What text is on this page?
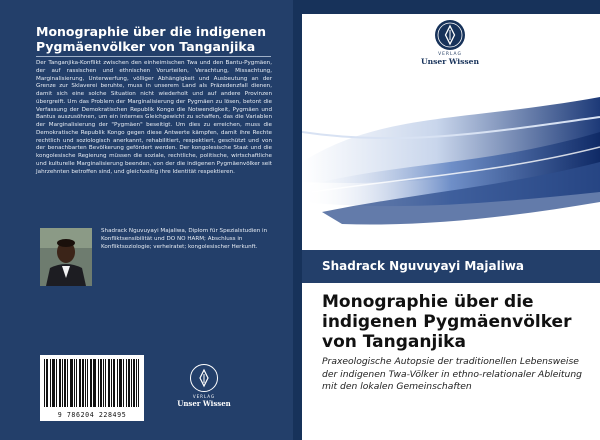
Monographie über die indigenen Pygmäenvölker von Tanganjika

Der Tanganjika-Konflikt zwischen den einheimischen Twa und den Bantu-Pygmäen, der auf rassischen und ethnischen Vorurteilen, Verachtung, Missachtung, Marginalisierung, Unterwerfung, völliger Abhängigkeit und Ausbeutung an der Grenze zur Sklaverei beruhte, muss in unserem Land als Präzedenzfall dienen, damit sich eine solche Situation nicht wiederholt und auf andere Provinzen übergreift. Um das Problem der Marginalisierung der Pygmäen zu lösen, betont die Verfassung der Demokratischen Republik Kongo die Notwendigkeit, Pygmäen und Bantus auszusöhnen, um ein internes Gleichgewicht zu schaffen, das die Variablen der Marginalisierung der "Pygmäen" beseitigt. Um dies zu erreichen, muss die Demokratische Republik Kongo gegen diese Antwerte kämpfen, damit ihre Rechte rechtlich und soziologisch anerkannt, rehabilitiert, respektiert, geschützt und von der benachbarten Bevölkerung gefördert werden. Der kongolesische Staat und die kongolesische Regierung müssen die soziale, rechtliche, politische, wirtschaftliche und kulturelle Marginalisierung beenden, von der die indigenen Pygmäenvölker seit Jahrzehnten betroffen sind, und gleichzeitig ihre Identität respektieren.

Shadrack Nguvuyayi Majaliwa, Diplom für Spezialstudien in Konfliktsensibilität und DO NO HARM; Abschluss in Konfliktsoziologie; verheiratet; kongolesischer Herkunft.

9 786204 228495
VERLAG
Unser Wissen
VERLAG
Unser Wissen
Shadrack Nguvuyayi Majaliwa
Monographie über die indigenen Pygmäenvölker von Tanganjika

Praxeologische Autopsie der traditionellen Lebensweise der indigenen Twa-Völker in ethno-relationaler Ableitung mit den lokalen Gemeinschaften
